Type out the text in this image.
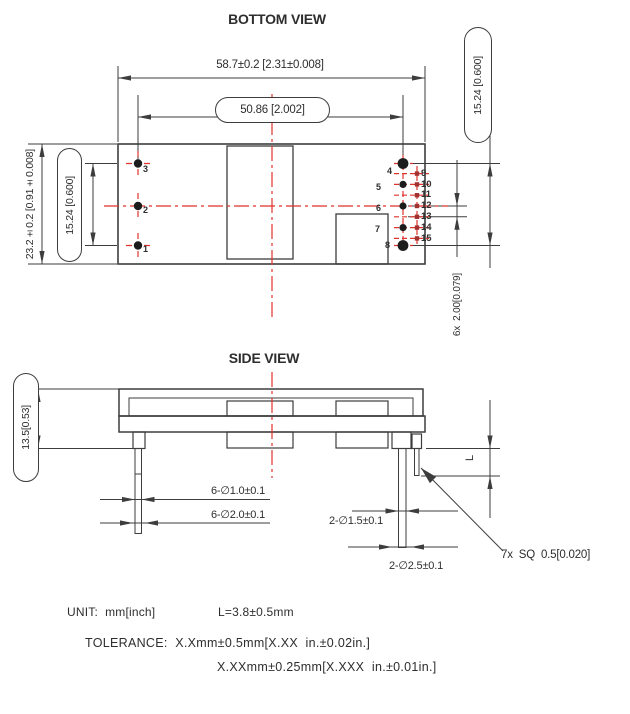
BOTTOM VIEW
58.7±0.2 [2.31±0.008]
50.86 [2.002]
23.2±0.2 [0.91±0.008]	15.24 [0.600]
15.24 [0.600]
6x  2.00[0.079]
3
2
1
4
5
6
7
8
9
10
11
12
13
14
15
SIDE VIEW
13.5[0.53]
L
6-∅1.0±0.1
6-∅2.0±0.1	2-∅1.5±0.1
2-∅2.5±0.1
7x  SQ  0.5[0.020]
UNIT:  mm[inch]	L=3.8±0.5mm
TOLERANCE:  X.Xmm±0.5mm[X.XX  in.±0.02in.]
X.XXmm±0.25mm[X.XXX  in.±0.01in.]
